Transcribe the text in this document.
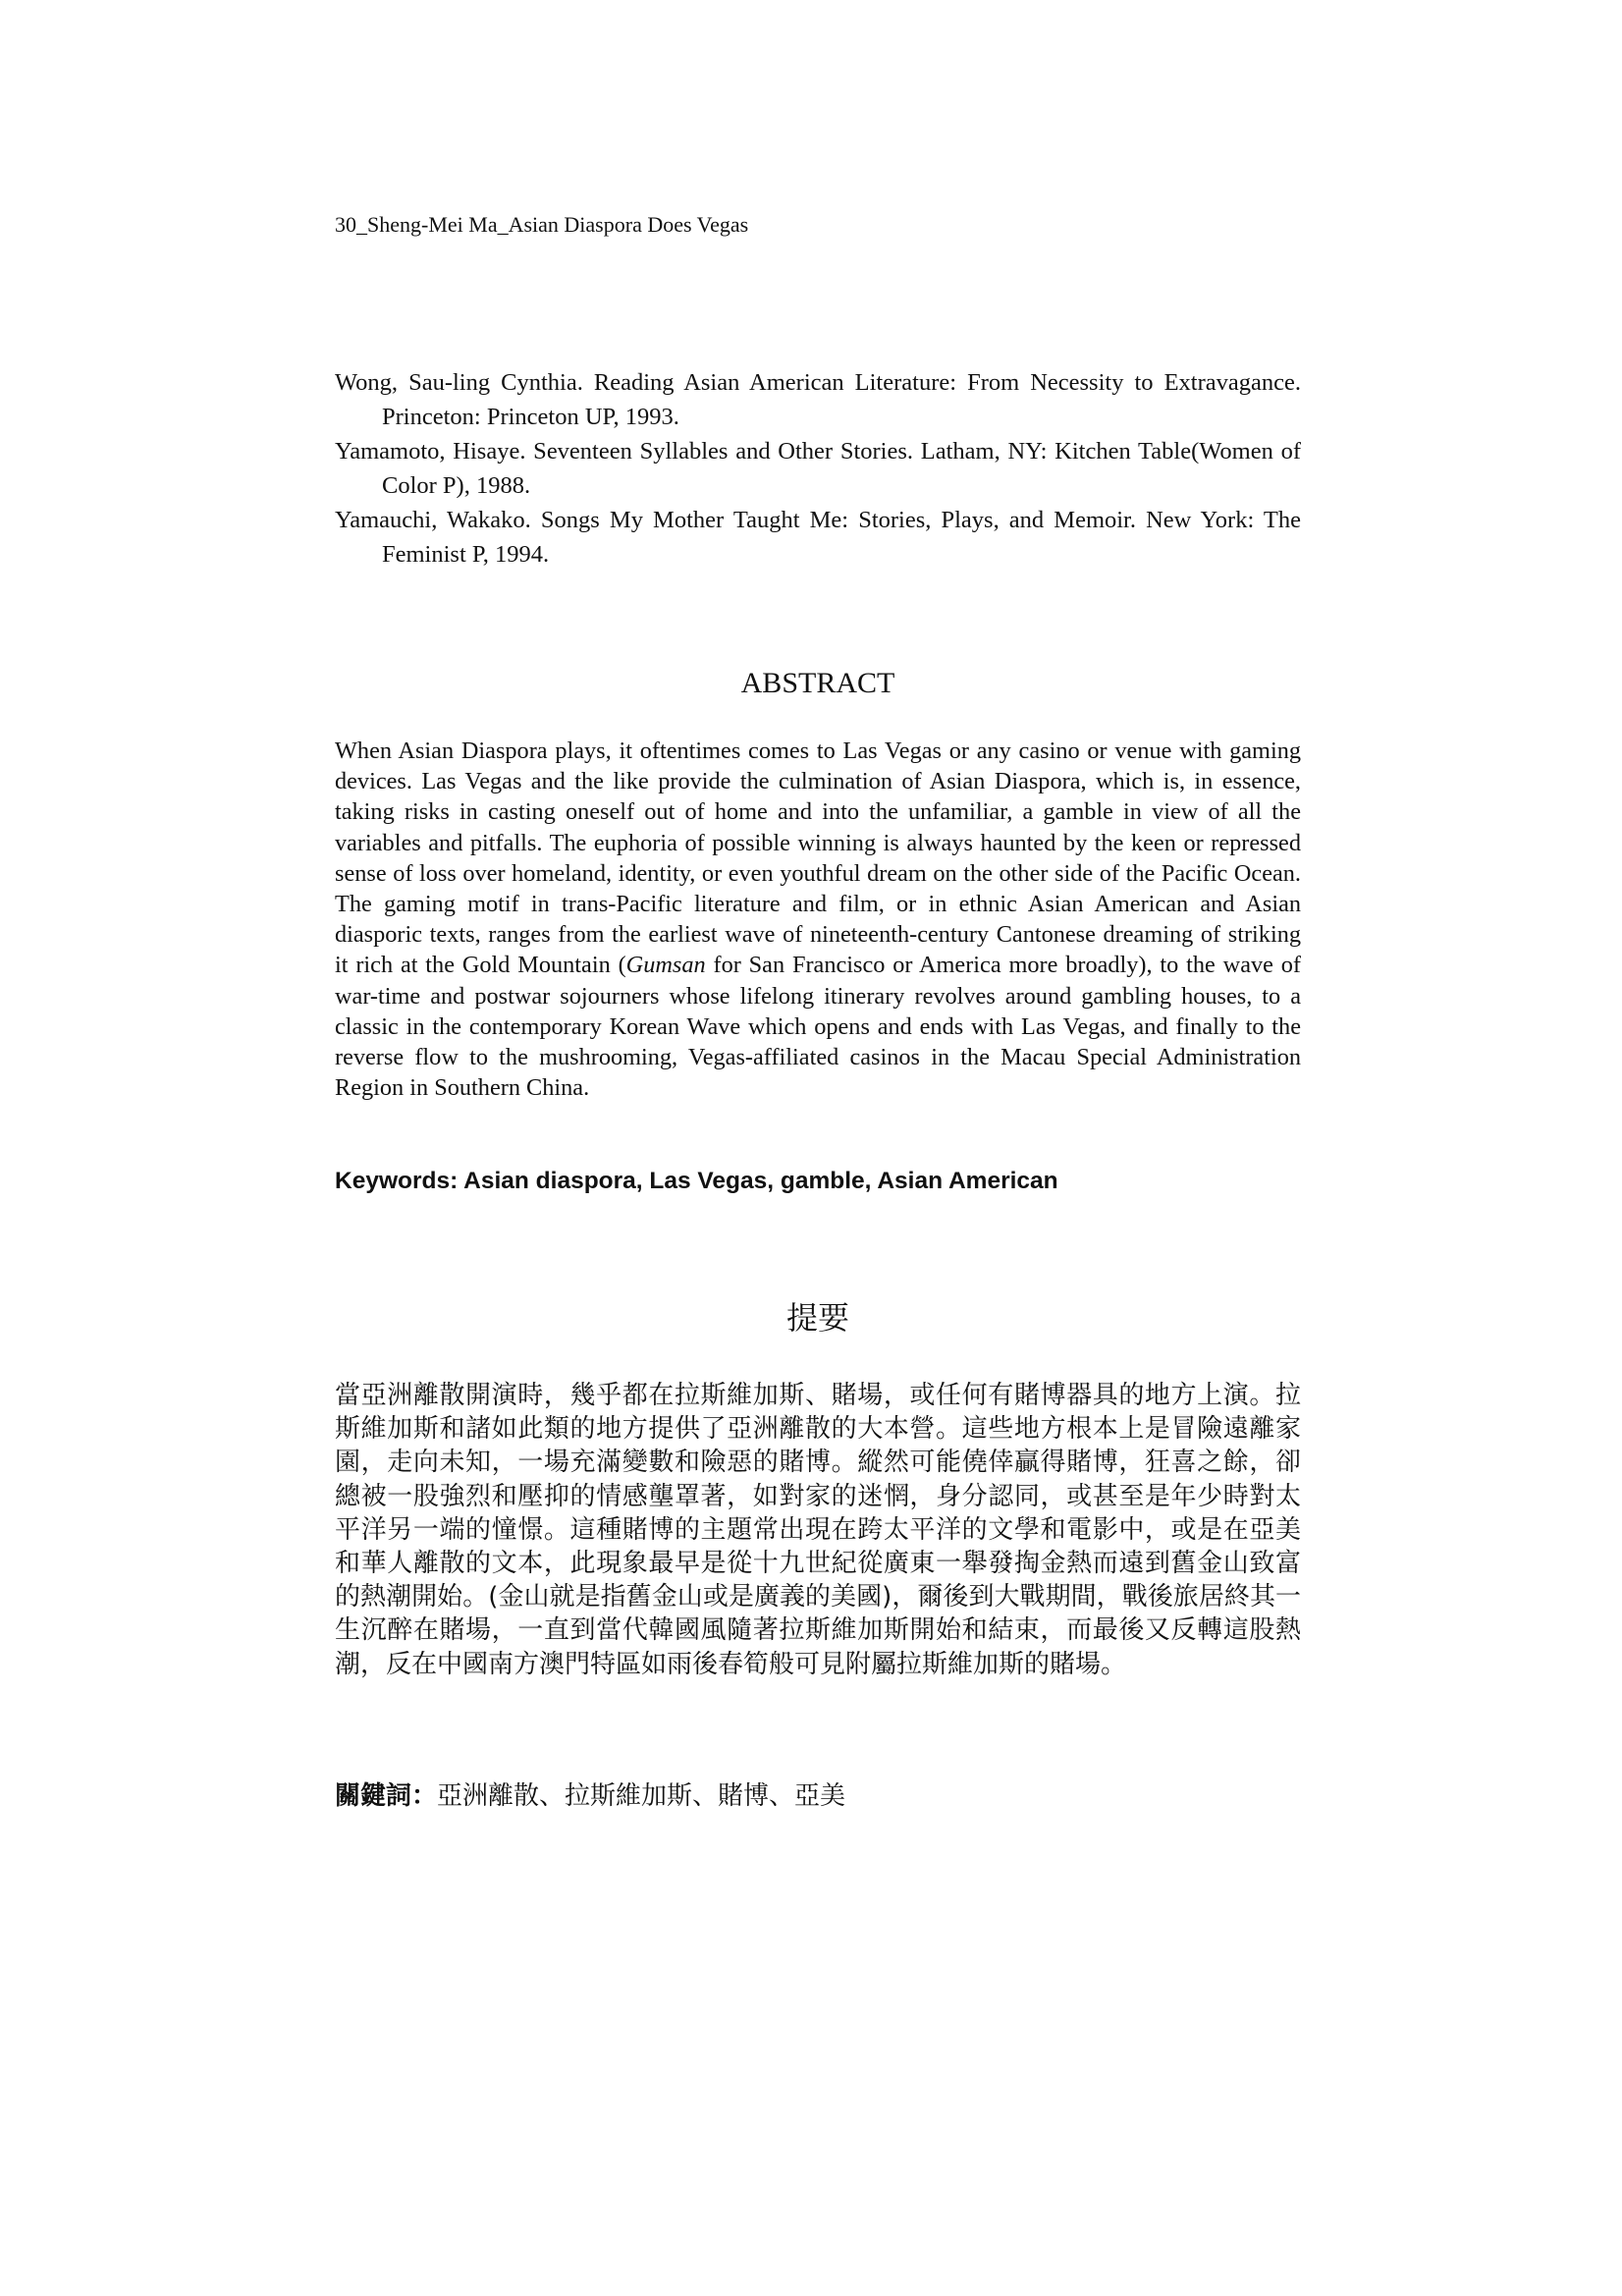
30_Sheng-Mei Ma_Asian Diaspora Does Vegas

Wong, Sau-ling Cynthia. Reading Asian American Literature: From Necessity to Extravagance. Princeton: Princeton UP, 1993.

Yamamoto, Hisaye. Seventeen Syllables and Other Stories. Latham, NY: Kitchen Table(Women of Color P), 1988.

Yamauchi, Wakako. Songs My Mother Taught Me: Stories, Plays, and Memoir. New York: The Feminist P, 1994.

ABSTRACT

When Asian Diaspora plays, it oftentimes comes to Las Vegas or any casino or venue with gaming devices. Las Vegas and the like provide the culmination of Asian Diaspora, which is, in essence, taking risks in casting oneself out of home and into the unfamiliar, a gamble in view of all the variables and pitfalls. The euphoria of possible winning is always haunted by the keen or repressed sense of loss over homeland, identity, or even youthful dream on the other side of the Pacific Ocean. The gaming motif in trans-Pacific literature and film, or in ethnic Asian American and Asian diasporic texts, ranges from the earliest wave of nineteenth-century Cantonese dreaming of striking it rich at the Gold Mountain (Gumsan for San Francisco or America more broadly), to the wave of war-time and postwar sojourners whose lifelong itinerary revolves around gambling houses, to a classic in the contemporary Korean Wave which opens and ends with Las Vegas, and finally to the reverse flow to the mushrooming, Vegas-affiliated casinos in the Macau Special Administration Region in Southern China.

Keywords: Asian diaspora, Las Vegas, gamble, Asian American
提要

當亞洲離散開演時，幾乎都在拉斯維加斯、賭場，或任何有賭博器具的地方上演。拉斯維加斯和諸如此類的地方提供了亞洲離散的大本營。這些地方根本上是冒險遠離家園，走向未知，一場充滿變數和險惡的賭博。縱然可能僥倖贏得賭博，狂喜之餘，卻總被一股強烈和壓抑的情感壟罩著，如對家的迷惘，身分認同，或甚至是年少時對太平洋另一端的憧憬。這種賭博的主題常出現在跨太平洋的文學和電影中，或是在亞美和華人離散的文本，此現象最早是從十九世紀從廣東一舉發掏金熱而遠到舊金山致富的熱潮開始。(金山就是指舊金山或是廣義的美國)，爾後到大戰期間，戰後旅居終其一生沉醉在賭場，一直到當代韓國風隨著拉斯維加斯開始和結束，而最後又反轉這股熱潮，反在中國南方澳門特區如雨後春筍般可見附屬拉斯維加斯的賭場。

關鍵詞：亞洲離散、拉斯維加斯、賭博、亞美
